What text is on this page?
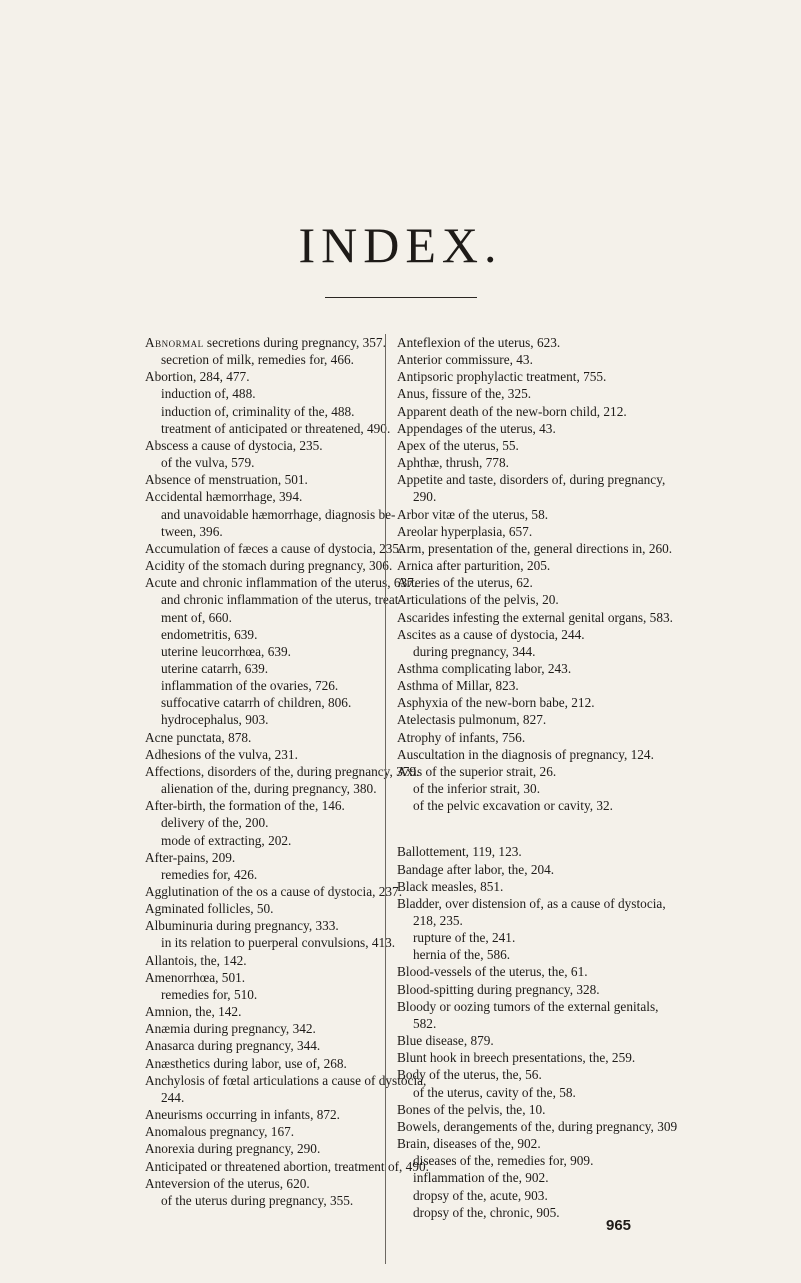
INDEX.
Abnormal secretions during pregnancy, 357.
secretion of milk, remedies for, 466.
Abortion, 284, 477.
induction of, 488.
induction of, criminality of the, 488.
treatment of anticipated or threatened, 490.
Abscess a cause of dystocia, 235.
of the vulva, 579.
Absence of menstruation, 501.
Accidental hæmorrhage, 394.
and unavoidable hæmorrhage, diagnosis be-
tween, 396.
Accumulation of fæces a cause of dystocia, 235.
Acidity of the stomach during pregnancy, 306.
Acute and chronic inflammation of the uterus, 637.
and chronic inflammation of the uterus, treat-
ment of, 660.
endometritis, 639.
uterine leucorrhœa, 639.
uterine catarrh, 639.
inflammation of the ovaries, 726.
suffocative catarrh of children, 806.
hydrocephalus, 903.
Acne punctata, 878.
Adhesions of the vulva, 231.
Affections, disorders of the, during pregnancy, 379.
alienation of the, during pregnancy, 380.
After-birth, the formation of the, 146.
delivery of the, 200.
mode of extracting, 202.
After-pains, 209.
remedies for, 426.
Agglutination of the os a cause of dystocia, 237.
Agminated follicles, 50.
Albuminuria during pregnancy, 333.
in its relation to puerperal convulsions, 413.
Allantois, the, 142.
Amenorrhœa, 501.
remedies for, 510.
Amnion, the, 142.
Anæmia during pregnancy, 342.
Anasarca during pregnancy, 344.
Anæsthetics during labor, use of, 268.
Anchylosis of fœtal articulations a cause of dystocia,
244.
Aneurisms occurring in infants, 872.
Anomalous pregnancy, 167.
Anorexia during pregnancy, 290.
Anticipated or threatened abortion, treatment of, 490.
Anteversion of the uterus, 620.
of the uterus during pregnancy, 355.
Anteflexion of the uterus, 623.
Anterior commissure, 43.
Antipsoric prophylactic treatment, 755.
Anus, fissure of the, 325.
Apparent death of the new-born child, 212.
Appendages of the uterus, 43.
Apex of the uterus, 55.
Aphthæ, thrush, 778.
Appetite and taste, disorders of, during pregnancy,
290.
Arbor vitæ of the uterus, 58.
Areolar hyperplasia, 657.
Arm, presentation of the, general directions in, 260.
Arnica after parturition, 205.
Arteries of the uterus, 62.
Articulations of the pelvis, 20.
Ascarides infesting the external genital organs, 583.
Ascites as a cause of dystocia, 244.
during pregnancy, 344.
Asthma complicating labor, 243.
Asthma of Millar, 823.
Asphyxia of the new-born babe, 212.
Atelectasis pulmonum, 827.
Atrophy of infants, 756.
Auscultation in the diagnosis of pregnancy, 124.
Axis of the superior strait, 26.
of the inferior strait, 30.
of the pelvic excavation or cavity, 32.
Ballottement, 119, 123.
Bandage after labor, the, 204.
Black measles, 851.
Bladder, over distension of, as a cause of dystocia,
218, 235.
rupture of the, 241.
hernia of the, 586.
Blood-vessels of the uterus, the, 61.
Blood-spitting during pregnancy, 328.
Bloody or oozing tumors of the external genitals,
582.
Blue disease, 879.
Blunt hook in breech presentations, the, 259.
Body of the uterus, the, 56.
of the uterus, cavity of the, 58.
Bones of the pelvis, the, 10.
Bowels, derangements of the, during pregnancy, 309
Brain, diseases of the, 902.
diseases of the, remedies for, 909.
inflammation of the, 902.
dropsy of the, acute, 903.
dropsy of the, chronic, 905.
965
